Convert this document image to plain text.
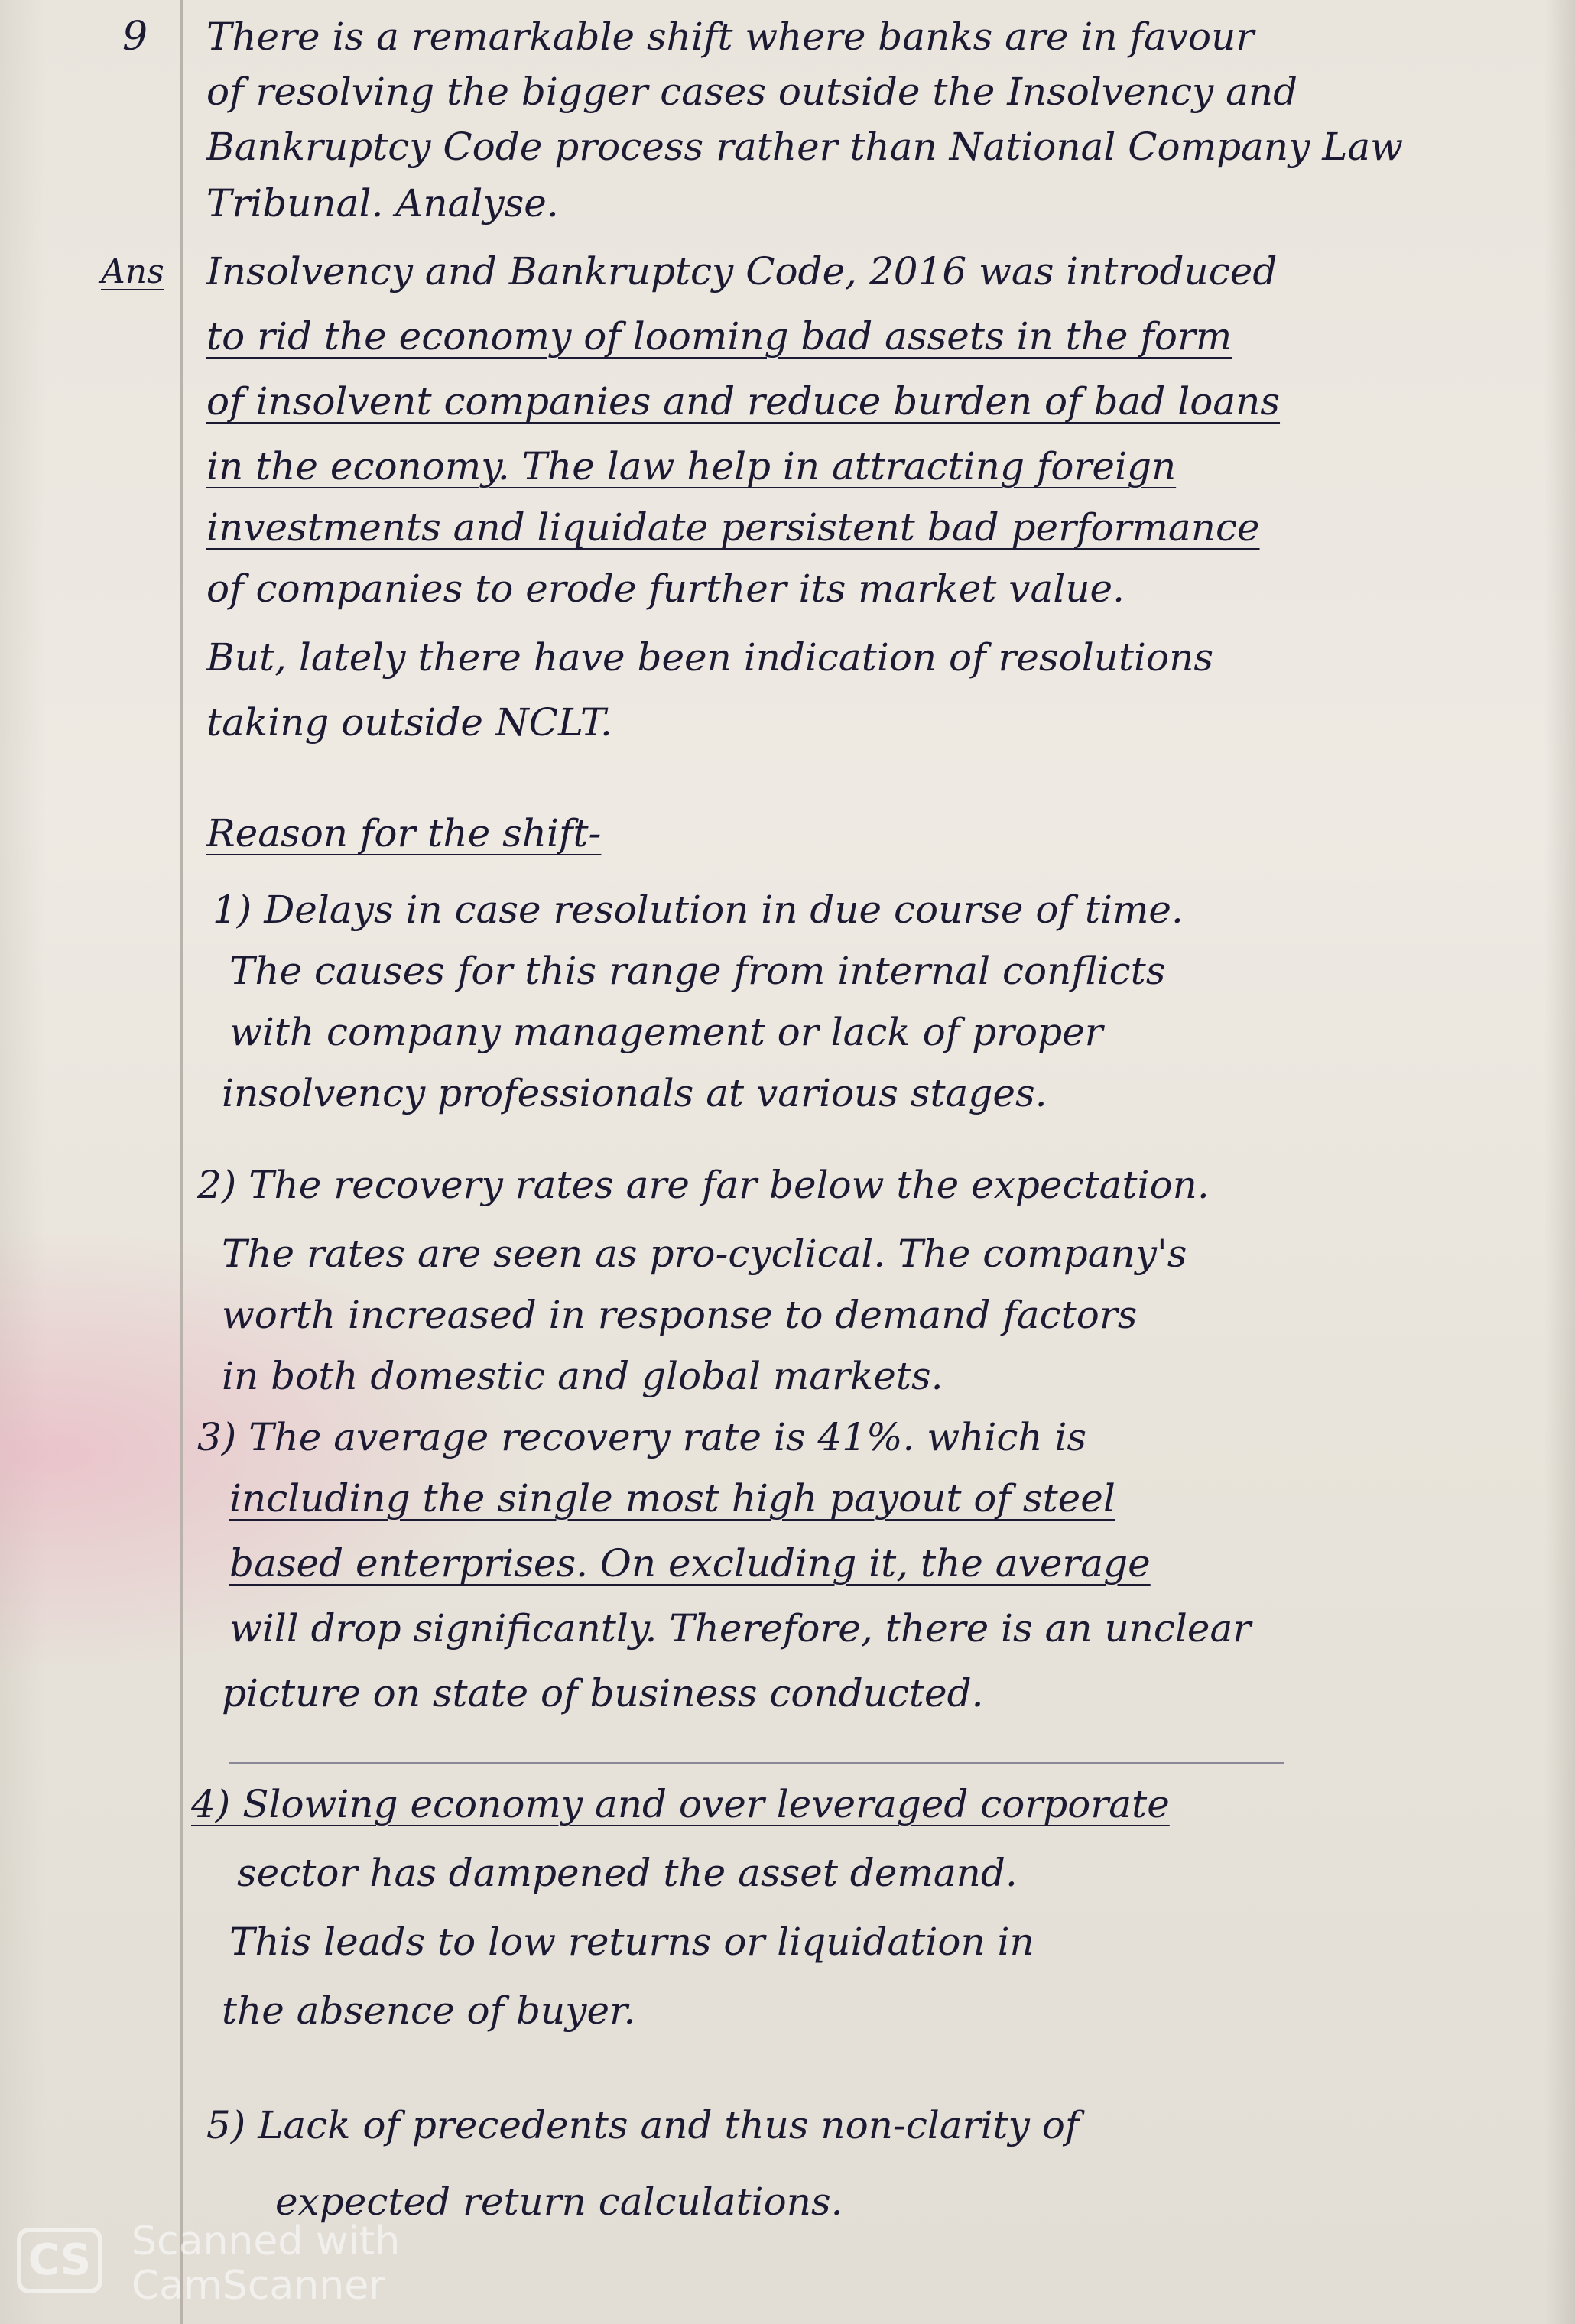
9 There is a remarkable shift where banks are in favour
of resolving the bigger cases outside the Insolvency and
Bankruptcy Code process rather than National Company Law
Tribunal. Analyse.
Ans Insolvency and Bankruptcy Code, 2016 was introduced
to rid the economy of looming bad assets in the form
of insolvent companies and reduce burden of bad loans
in the economy. The law help in attracting foreign
investments and liquidate persistent bad performance
of companies to erode further its market value.
But, lately there have been indication of resolutions
taking outside NCLT.
Reason for the shift-
1) Delays in case resolution in due course of time.
The causes for this range from internal conflicts
with company management or lack of proper
insolvency professionals at various stages.
2) The recovery rates are far below the expectation.
The rates are seen as pro-cyclical. The company's
worth increased in response to demand factors
in both domestic and global markets.
3) The average recovery rate is 41%. which is
including the single most high payout of steel
based enterprises. On excluding it, the average
will drop significantly. Therefore, there is an unclear
picture on state of business conducted.
4) Slowing economy and over leveraged corporate
sector has dampened the asset demand.
This leads to low returns or liquidation in
the absence of buyer.
5) Lack of precedents and thus non-clarity of
expected return calculations.
CS Scanned with
CamScanner
